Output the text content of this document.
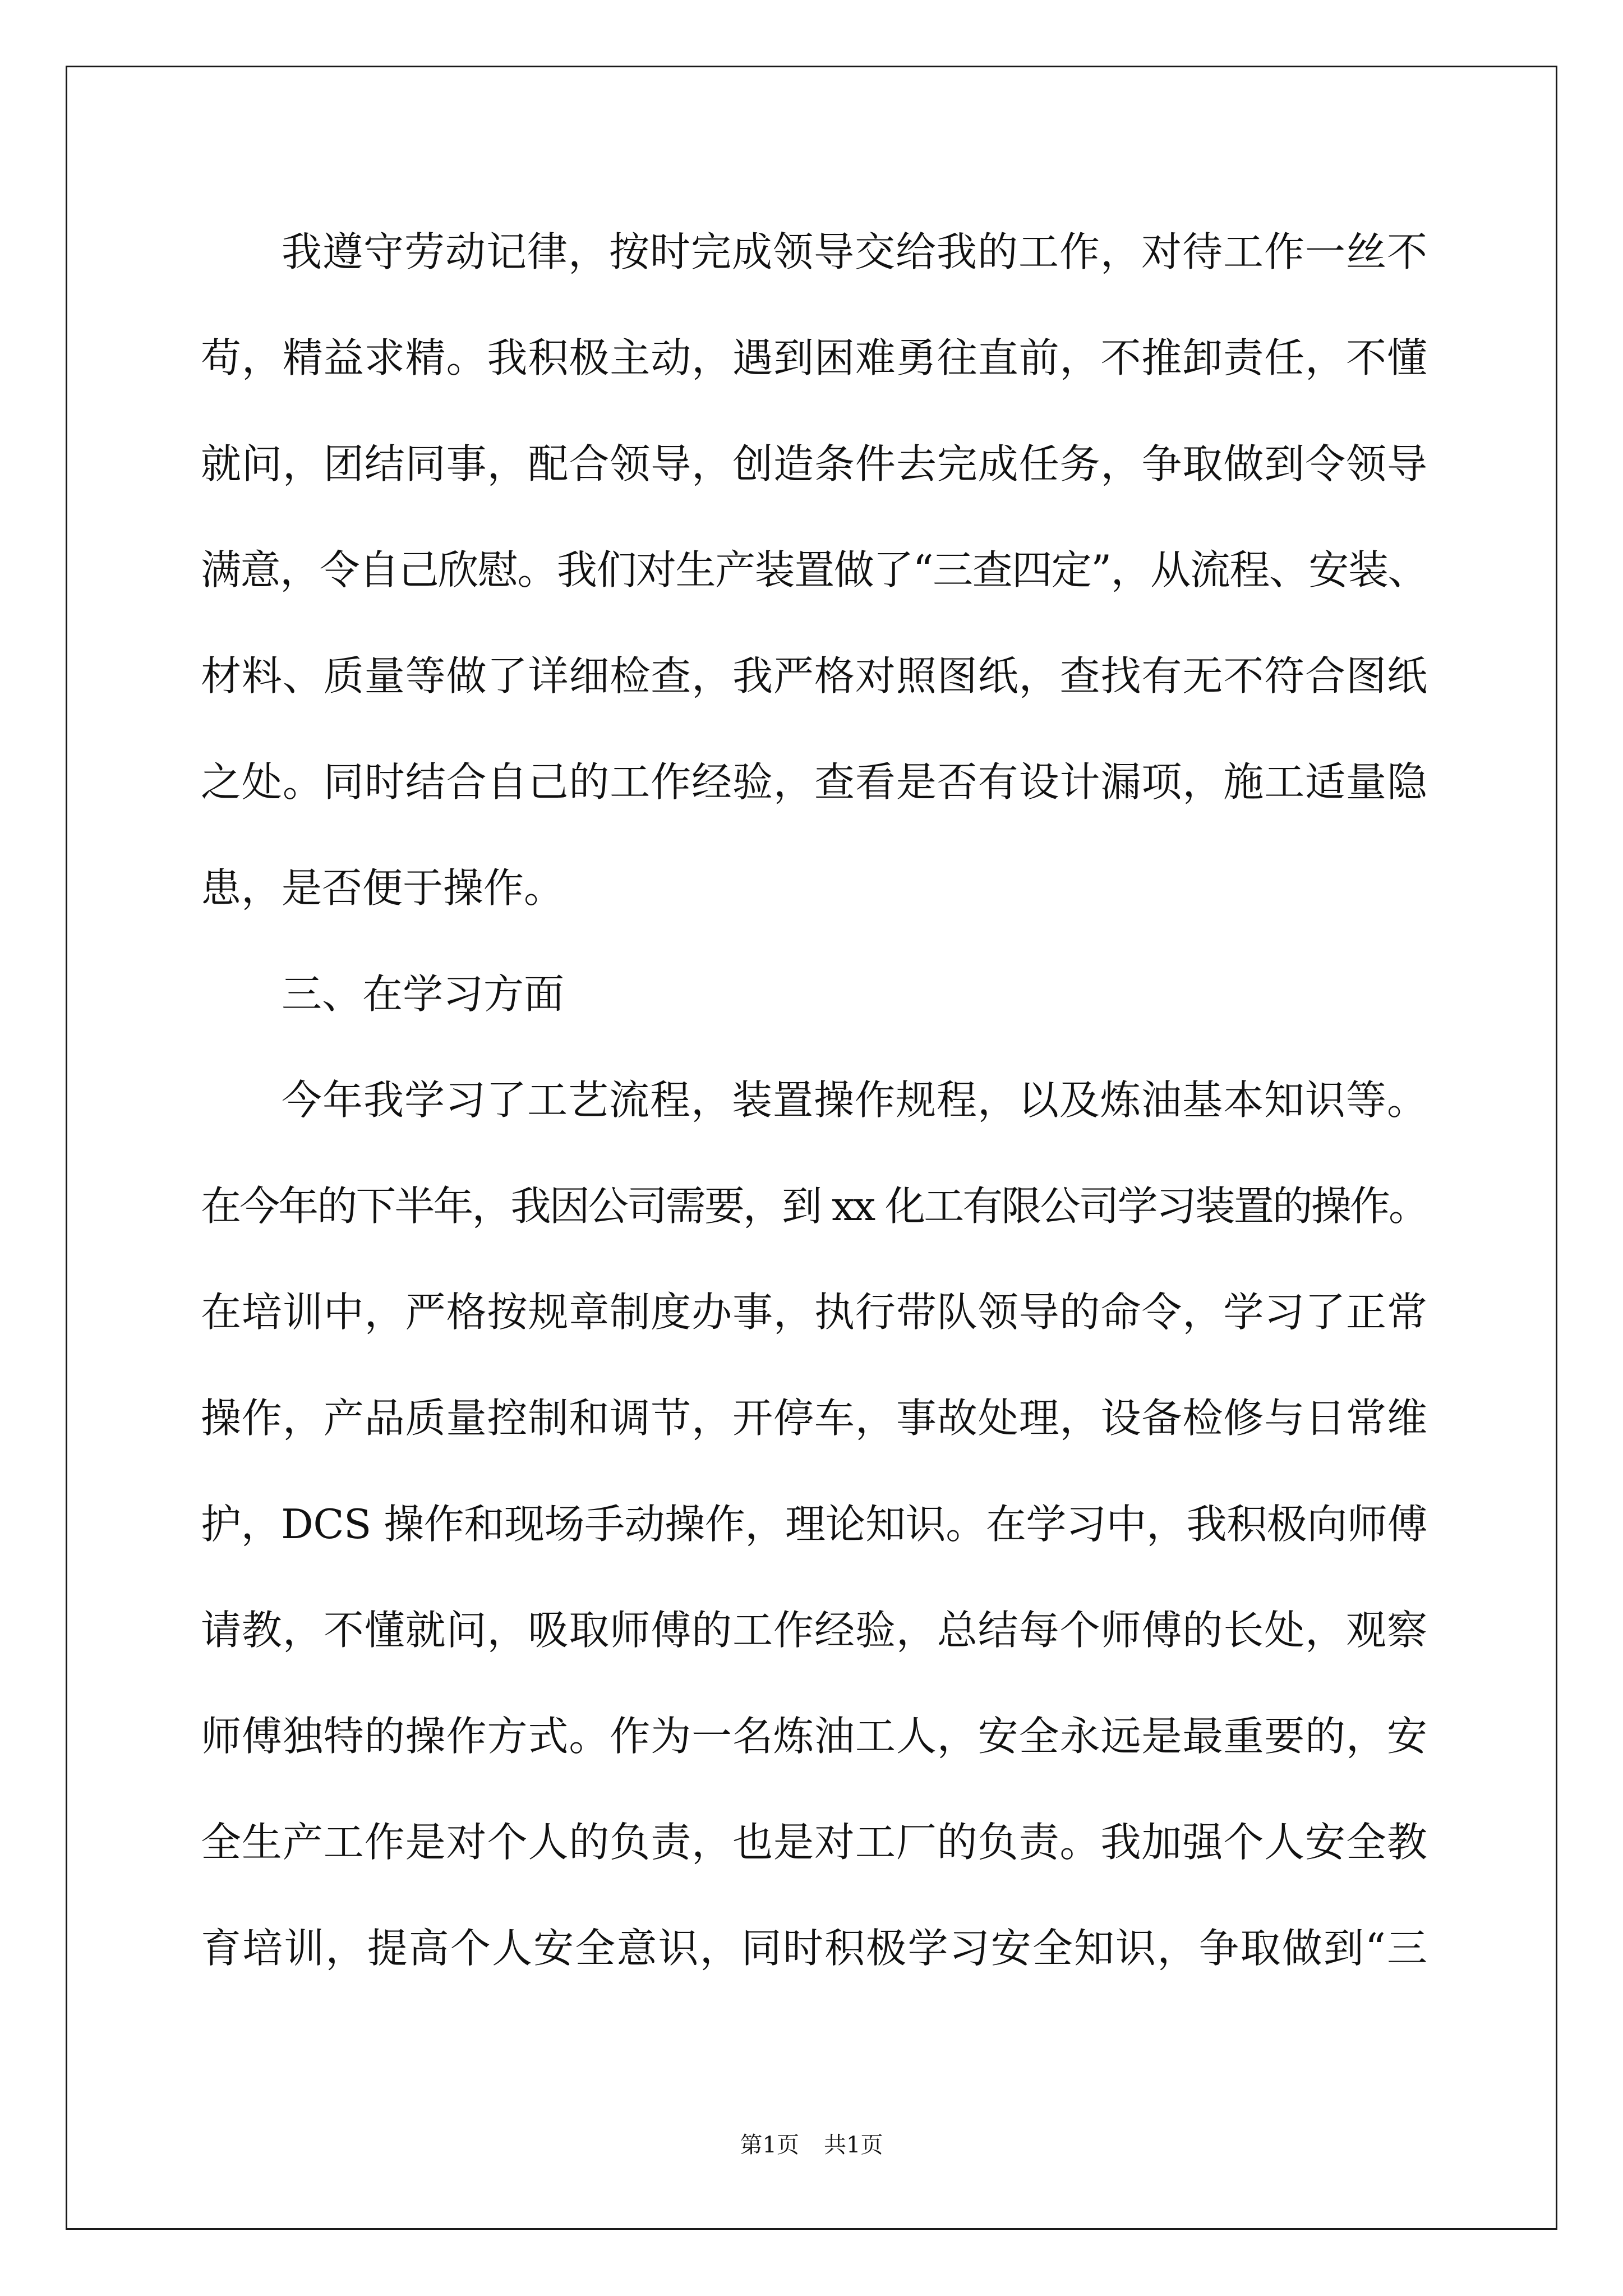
我遵守劳动记律，按时完成领导交给我的工作，对待工作一丝不
苟，精益求精。我积极主动，遇到困难勇往直前，不推卸责任，不懂
就问，团结同事，配合领导，创造条件去完成任务，争取做到令领导
满意，令自己欣慰。我们对生产装置做了“三查四定”，从流程、安装、
材料、质量等做了详细检查，我严格对照图纸，查找有无不符合图纸
之处。同时结合自己的工作经验，查看是否有设计漏项，施工适量隐
患，是否便于操作。
三、在学习方面
今年我学习了工艺流程，装置操作规程，以及炼油基本知识等。
在今年的下半年，我因公司需要，到 xx 化工有限公司学习装置的操作。
在培训中，严格按规章制度办事，执行带队领导的命令，学习了正常
操作，产品质量控制和调节，开停车，事故处理，设备检修与日常维
护，DCS 操作和现场手动操作，理论知识。在学习中，我积极向师傅
请教，不懂就问，吸取师傅的工作经验，总结每个师傅的长处，观察
师傅独特的操作方式。作为一名炼油工人，安全永远是最重要的，安
全生产工作是对个人的负责，也是对工厂的负责。我加强个人安全教
育培训，提高个人安全意识，同时积极学习安全知识，争取做到“三
第1页 共1页
